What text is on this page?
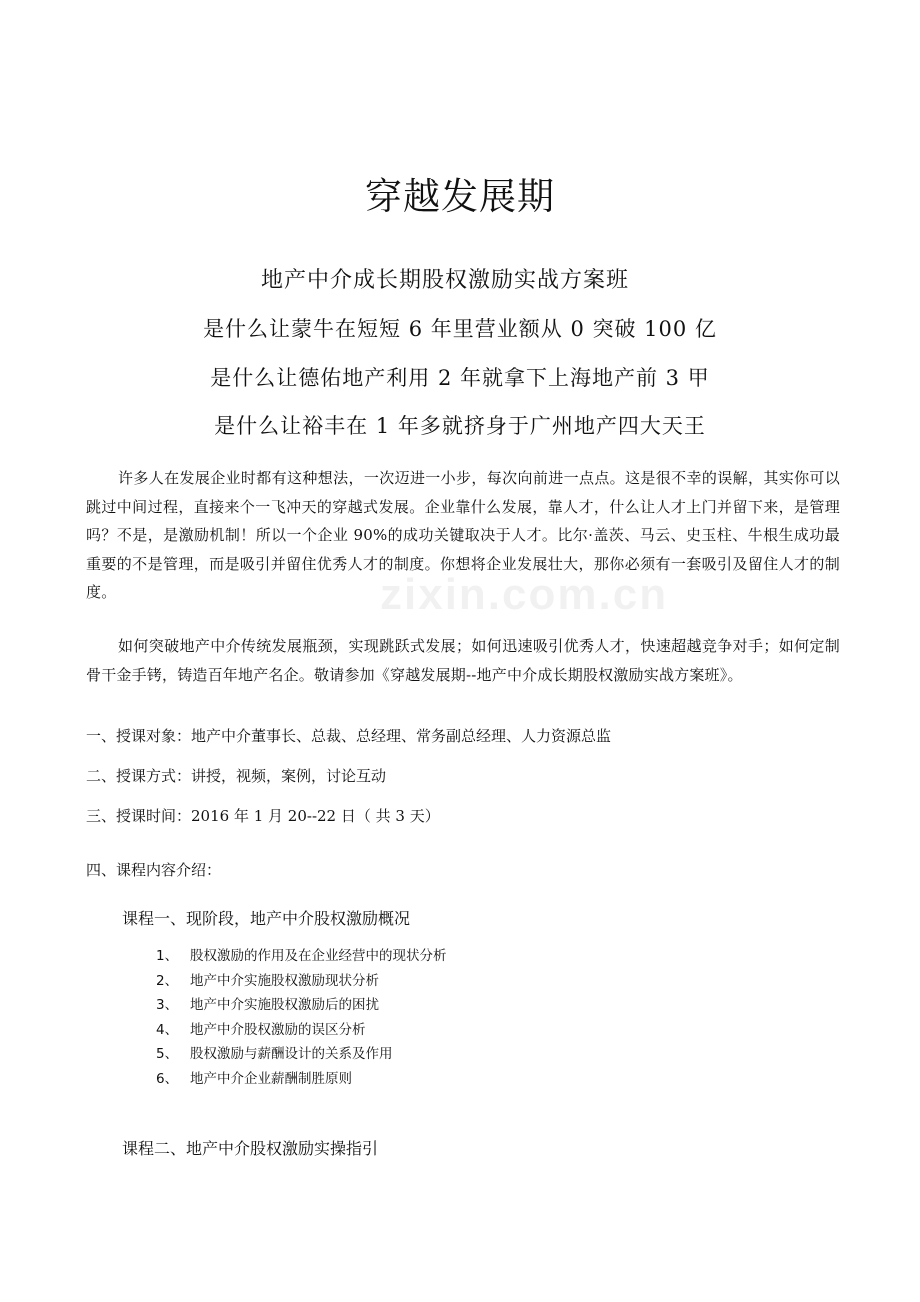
zixin.com.cn
穿越发展期
地产中介成长期股权激励实战方案班
是什么让蒙牛在短短 6 年里营业额从 0 突破 100 亿
是什么让德佑地产利用 2 年就拿下上海地产前 3 甲
是什么让裕丰在 1 年多就挤身于广州地产四大天王

许多人在发展企业时都有这种想法，一次迈进一小步，每次向前进一点点。这是很不幸的误解，其实你可以跳过中间过程，直接来个一飞冲天的穿越式发展。企业靠什么发展，靠人才，什么让人才上门并留下来，是管理吗？不是，是激励机制！所以一个企业 90%的成功关键取决于人才。比尔·盖茨、马云、史玉柱、牛根生成功最重要的不是管理，而是吸引并留住优秀人才的制度。你想将企业发展壮大，那你必须有一套吸引及留住人才的制度。

如何突破地产中介传统发展瓶颈，实现跳跃式发展；如何迅速吸引优秀人才，快速超越竞争对手；如何定制骨干金手铐，铸造百年地产名企。敬请参加《穿越发展期--地产中介成长期股权激励实战方案班》。

一、授课对象：地产中介董事长、总裁、总经理、常务副总经理、人力资源总监
二、授课方式：讲授，视频，案例，讨论互动
三、授课时间：2016 年 1 月 20--22 日（ 共 3 天）
四、课程内容介绍：
课程一、现阶段，地产中介股权激励概况
1、 股权激励的作用及在企业经营中的现状分析
2、 地产中介实施股权激励现状分析
3、 地产中介实施股权激励后的困扰
4、 地产中介股权激励的误区分析
5、 股权激励与薪酬设计的关系及作用
6、 地产中介企业薪酬制胜原则
课程二、地产中介股权激励实操指引
